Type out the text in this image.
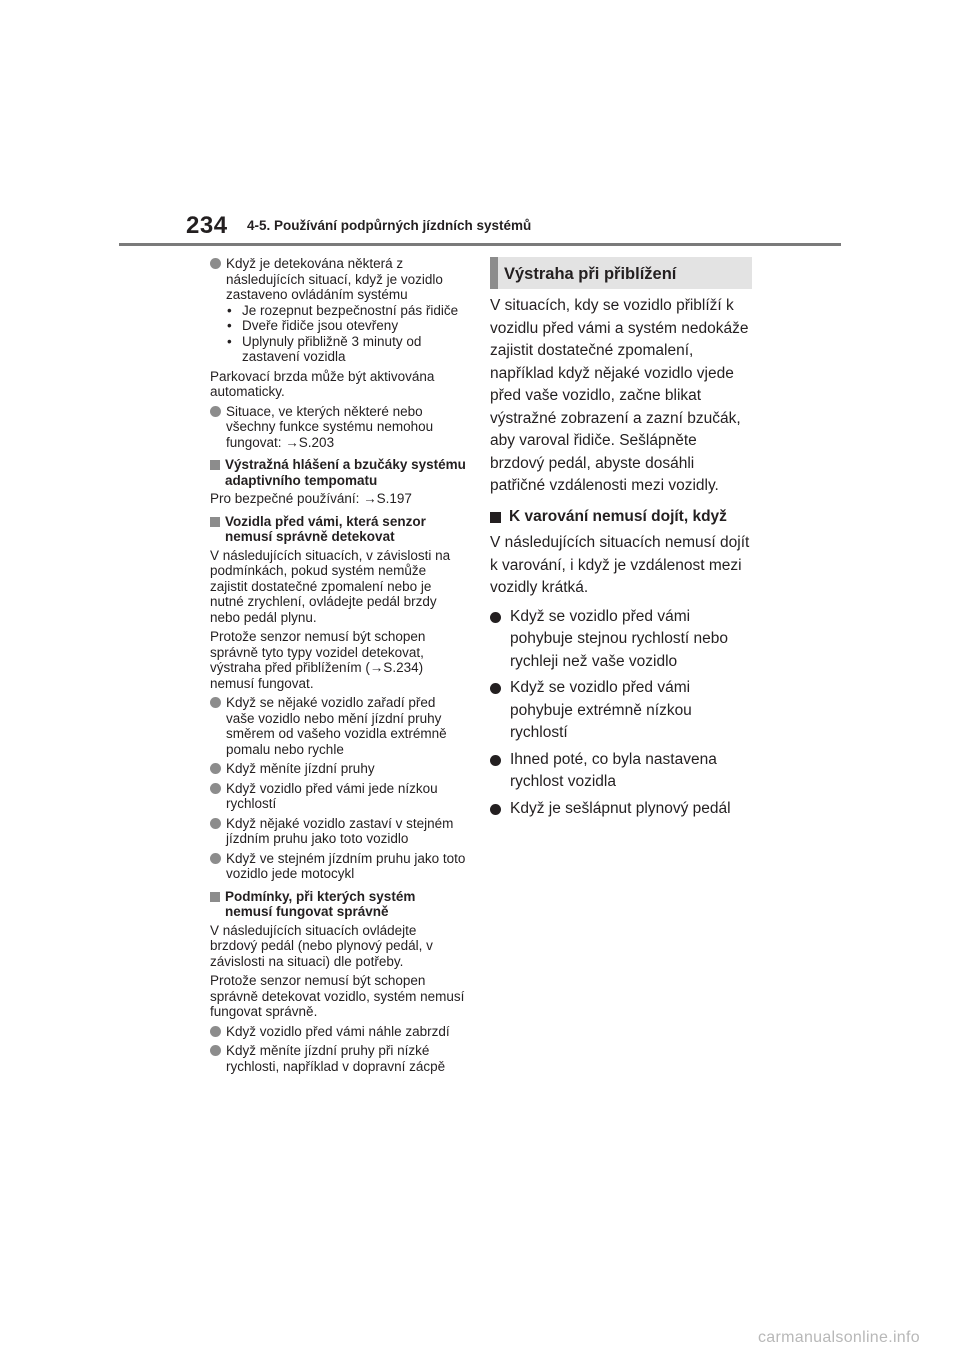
234 4-5. Používání podpůrných jízdních systémů
Když je detekována některá z následujících situací, když je vozidlo zastaveno ovládáním systému
• Je rozepnut bezpečnostní pás řidiče
• Dveře řidiče jsou otevřeny
• Uplynuly přibližně 3 minuty od zastavení vozidla
Parkovací brzda může být aktivována automaticky.
Situace, ve kterých některé nebo všechny funkce systému nemohou fungovat: →S.203
Výstražná hlášení a bzučáky systému adaptivního tempomatu
Pro bezpečné používání: →S.197
Vozidla před vámi, která senzor nemusí správně detekovat
V následujících situacích, v závislosti na podmínkách, pokud systém nemůže zajistit dostatečné zpomalení nebo je nutné zrychlení, ovládejte pedál brzdy nebo pedál plynu.
Protože senzor nemusí být schopen správně tyto typy vozidel detekovat, výstraha před přiblížením (→S.234) nemusí fungovat.
Když se nějaké vozidlo zařadí před vaše vozidlo nebo mění jízdní pruhy směrem od vašeho vozidla extrémně pomalu nebo rychle
Když měníte jízdní pruhy
Když vozidlo před vámi jede nízkou rychlostí
Když nějaké vozidlo zastaví v stejném jízdním pruhu jako toto vozidlo
Když ve stejném jízdním pruhu jako toto vozidlo jede motocykl
Podmínky, při kterých systém nemusí fungovat správně
V následujících situacích ovládejte brzdový pedál (nebo plynový pedál, v závislosti na situaci) dle potřeby.
Protože senzor nemusí být schopen správně detekovat vozidlo, systém nemusí fungovat správně.
Když vozidlo před vámi náhle zabrzdí
Když měníte jízdní pruhy při nízké rychlosti, například v dopravní zácpě
Výstraha při přiblížení
V situacích, kdy se vozidlo přiblíží k vozidlu před vámi a systém nedokáže zajistit dostatečné zpomalení, například když nějaké vozidlo vjede před vaše vozidlo, začne blikat výstražné zobrazení a zazní bzučák, aby varoval řidiče. Sešlápněte brzdový pedál, abyste dosáhli patřičné vzdálenosti mezi vozidly.
K varování nemusí dojít, když
V následujících situacích nemusí dojít k varování, i když je vzdálenost mezi vozidly krátká.
Když se vozidlo před vámi pohybuje stejnou rychlostí nebo rychleji než vaše vozidlo
Když se vozidlo před vámi pohybuje extrémně nízkou rychlostí
Ihned poté, co byla nastavena rychlost vozidla
Když je sešlápnut plynový pedál
carmanualsonline.info
